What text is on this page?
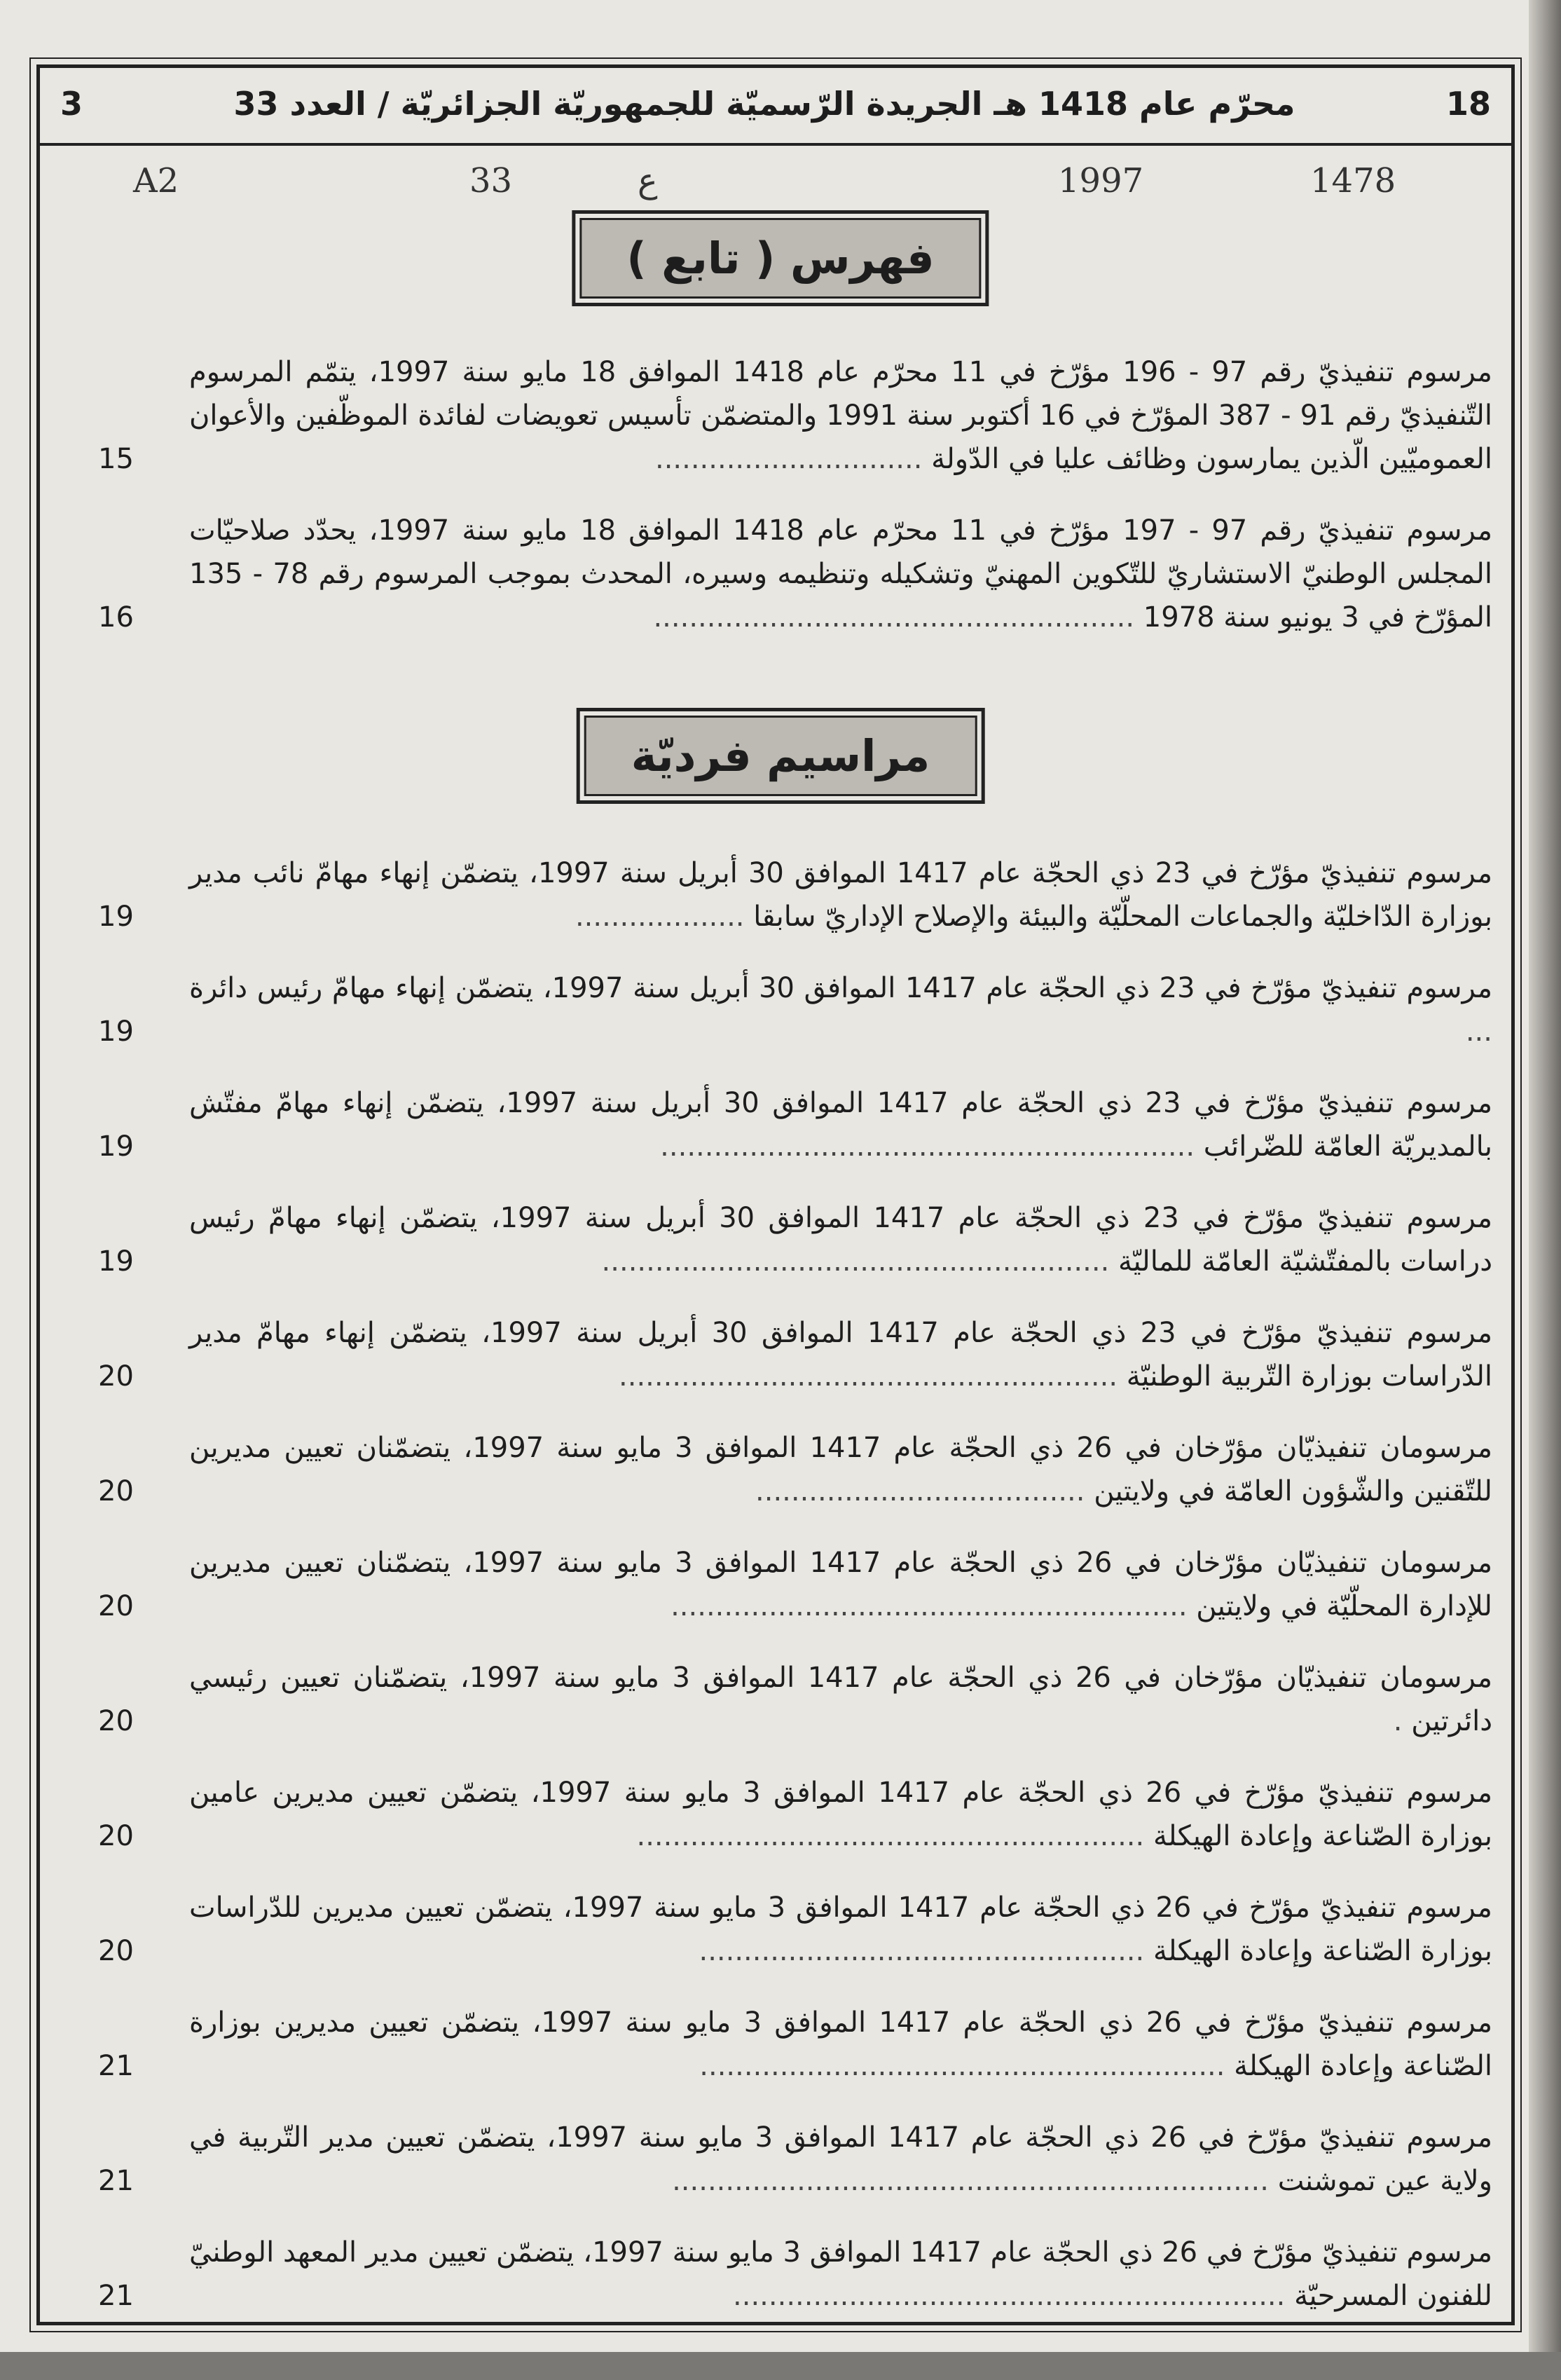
3	محرّم عام 1418 هـ الجريدة الرّسميّة للجمهوريّة الجزائريّة / العدد 33	18
A2	33	ع	1997	1478
فهرس ( تابع )
مرسوم تنفيذيّ رقم 97 - 196 مؤرّخ في 11 محرّم عام 1418 الموافق 18 مايو سنة 1997، يتمّم المرسوم التّنفيذيّ رقم 91 - 387 المؤرّخ في 16 أكتوبر سنة 1991 والمتضمّن تأسيس تعويضات لفائدة الموظّفين والأعوان العموميّين الّذين يمارسون وظائف عليا في الدّولة ..............................
15
مرسوم تنفيذيّ رقم 97 - 197 مؤرّخ في 11 محرّم عام 1418 الموافق 18 مايو سنة 1997، يحدّد صلاحيّات المجلس الوطنيّ الاستشاريّ للتّكوين المهنيّ وتشكيله وتنظيمه وسيره، المحدث بموجب المرسوم رقم 78 - 135 المؤرّخ في 3 يونيو سنة 1978 ......................................................
16
مراسيم فرديّة
مرسوم تنفيذيّ مؤرّخ في 23 ذي الحجّة عام 1417 الموافق 30 أبريل سنة 1997، يتضمّن إنهاء مهامّ نائب مدير بوزارة الدّاخليّة والجماعات المحلّيّة والبيئة والإصلاح الإداريّ سابقا ...................
19
مرسوم تنفيذيّ مؤرّخ في 23 ذي الحجّة عام 1417 الموافق 30 أبريل سنة 1997، يتضمّن إنهاء مهامّ رئيس دائرة ...
19
مرسوم تنفيذيّ مؤرّخ في 23 ذي الحجّة عام 1417 الموافق 30 أبريل سنة 1997، يتضمّن إنهاء مهامّ مفتّش بالمديريّة العامّة للضّرائب ............................................................
19
مرسوم تنفيذيّ مؤرّخ في 23 ذي الحجّة عام 1417 الموافق 30 أبريل سنة 1997، يتضمّن إنهاء مهامّ رئيس دراسات بالمفتّشيّة العامّة للماليّة .........................................................
19
مرسوم تنفيذيّ مؤرّخ في 23 ذي الحجّة عام 1417 الموافق 30 أبريل سنة 1997، يتضمّن إنهاء مهامّ مدير الدّراسات بوزارة التّربية الوطنيّة ........................................................
20
مرسومان تنفيذيّان مؤرّخان في 26 ذي الحجّة عام 1417 الموافق 3 مايو سنة 1997، يتضمّنان تعيين مديرين للتّقنين والشّؤون العامّة في ولايتين .....................................
20
مرسومان تنفيذيّان مؤرّخان في 26 ذي الحجّة عام 1417 الموافق 3 مايو سنة 1997، يتضمّنان تعيين مديرين للإدارة المحلّيّة في ولايتين ..........................................................
20
مرسومان تنفيذيّان مؤرّخان في 26 ذي الحجّة عام 1417 الموافق 3 مايو سنة 1997، يتضمّنان تعيين رئيسي دائرتين .
20
مرسوم تنفيذيّ مؤرّخ في 26 ذي الحجّة عام 1417 الموافق 3 مايو سنة 1997، يتضمّن تعيين مديرين عامين بوزارة الصّناعة وإعادة الهيكلة .........................................................
20
مرسوم تنفيذيّ مؤرّخ في 26 ذي الحجّة عام 1417 الموافق 3 مايو سنة 1997، يتضمّن تعيين مديرين للدّراسات بوزارة الصّناعة وإعادة الهيكلة ..................................................
20
مرسوم تنفيذيّ مؤرّخ في 26 ذي الحجّة عام 1417 الموافق 3 مايو سنة 1997، يتضمّن تعيين مديرين بوزارة الصّناعة وإعادة الهيكلة ...........................................................
21
مرسوم تنفيذيّ مؤرّخ في 26 ذي الحجّة عام 1417 الموافق 3 مايو سنة 1997، يتضمّن تعيين مدير التّربية في ولاية عين تموشنت ...................................................................
21
مرسوم تنفيذيّ مؤرّخ في 26 ذي الحجّة عام 1417 الموافق 3 مايو سنة 1997، يتضمّن تعيين مدير المعهد الوطنيّ للفنون المسرحيّة ..............................................................
21
